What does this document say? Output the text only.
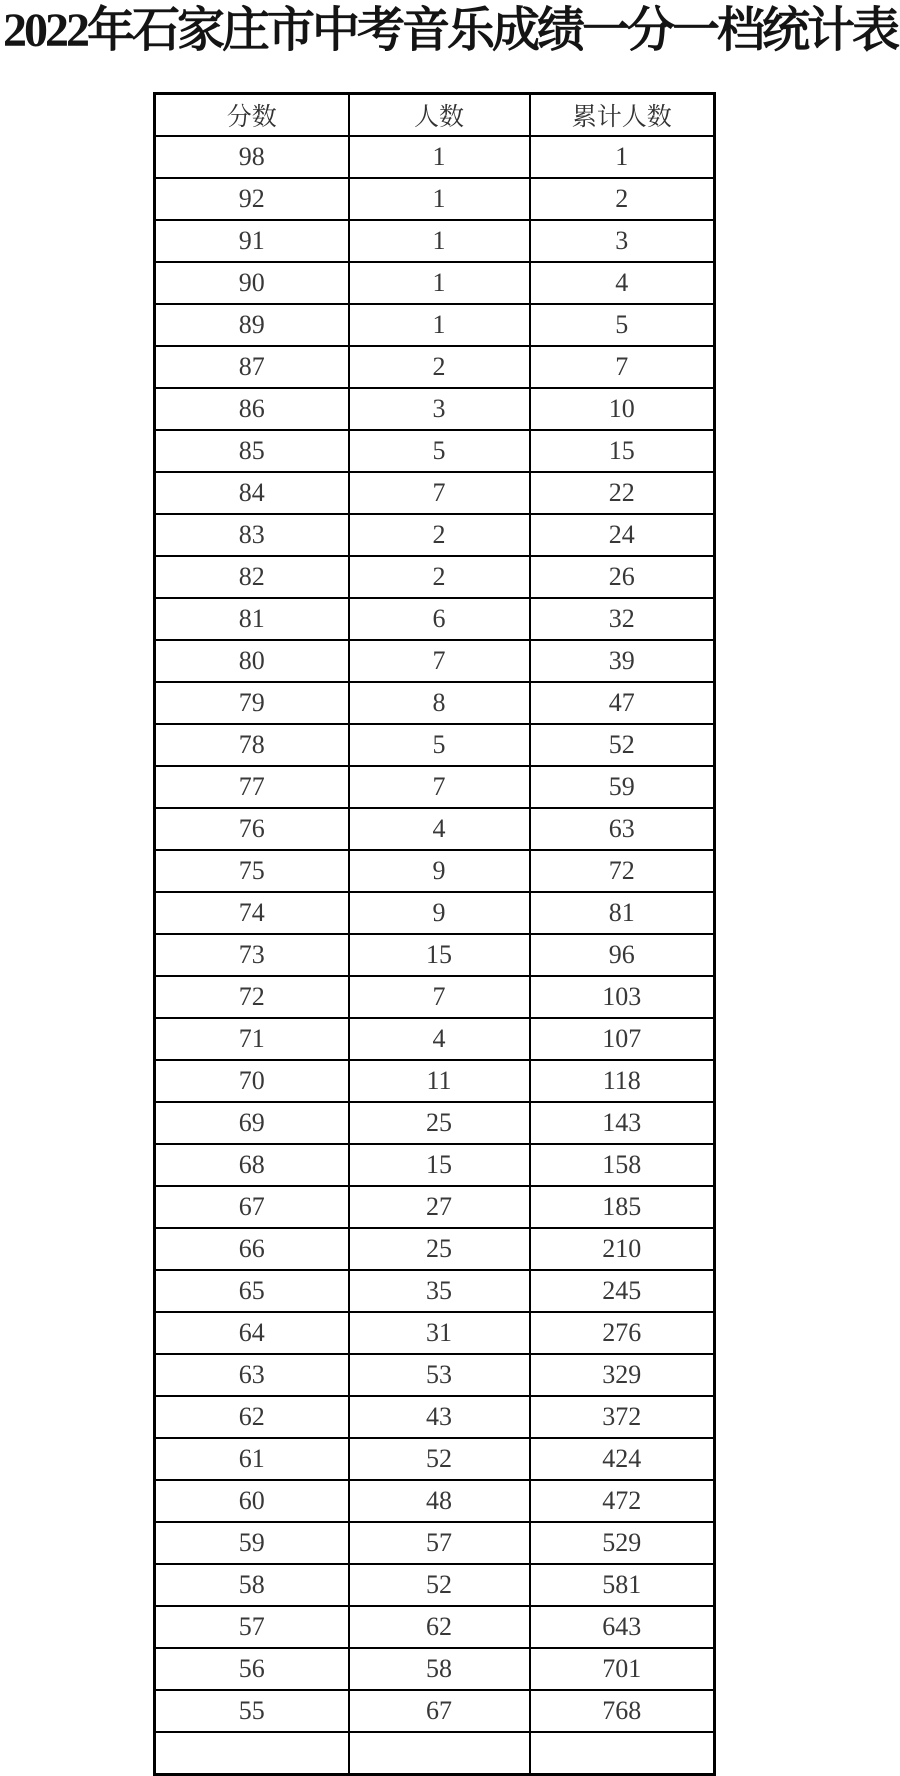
2022年石家庄市中考音乐成绩一分一档统计表
分数	人数	累计人数
98	1	1
92	1	2
91	1	3
90	1	4
89	1	5
87	2	7
86	3	10
85	5	15
84	7	22
83	2	24
82	2	26
81	6	32
80	7	39
79	8	47
78	5	52
77	7	59
76	4	63
75	9	72
74	9	81
73	15	96
72	7	103
71	4	107
70	11	118
69	25	143
68	15	158
67	27	185
66	25	210
65	35	245
64	31	276
63	53	329
62	43	372
61	52	424
60	48	472
59	57	529
58	52	581
57	62	643
56	58	701
55	67	768
